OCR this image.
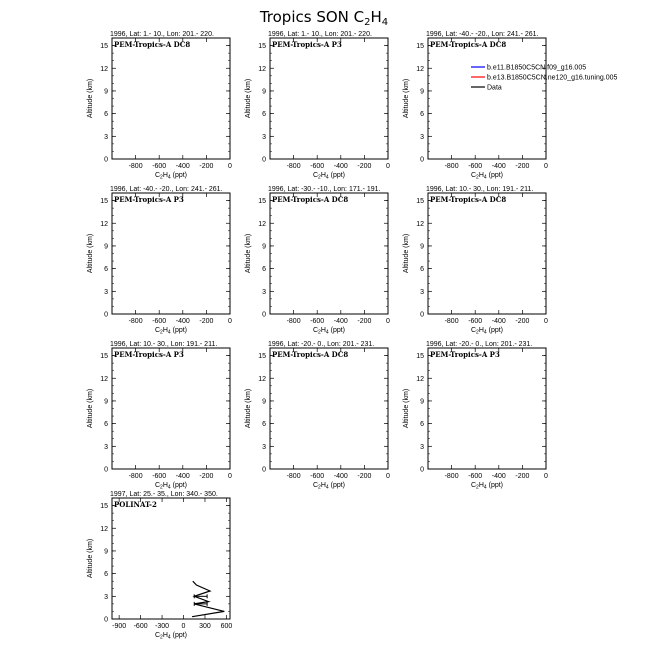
Tropics SON $C_2H_4$
1996, Lat: 1.- 10., Lon: 201.- 220.
PEM-Tropics-A DC8
0
3
6
9
12
15
-800 -600 -400 -200 0
$C_2H_4$ (ppt)
Altitude (km)
1996, Lat: 1.- 10., Lon: 201.- 220.
PEM-Tropics-A P3
0
3
6
9
12
15
-800 -600 -400 -200 0
$C_2H_4$ (ppt)
Altitude (km)
1996, Lat: -40.- -20., Lon: 241.- 261.
PEM-Tropics-A DC8
0
3
6
9
12
15
-800 -600 -400 -200 0
$C_2H_4$ (ppt)
Altitude (km)
1996, Lat: -40.- -20., Lon: 241.- 261.
PEM-Tropics-A P3
0
3
6
9
12
15
-800 -600 -400 -200 0
$C_2H_4$ (ppt)
Altitude (km)
1996, Lat: -30.- -10., Lon: 171.- 191.
PEM-Tropics-A DC8
0
3
6
9
12
15
-800 -600 -400 -200 0
$C_2H_4$ (ppt)
Altitude (km)
1996, Lat: 10.- 30., Lon: 191.- 211.
PEM-Tropics-A DC8
0
3
6
9
12
15
-800 -600 -400 -200 0
$C_2H_4$ (ppt)
Altitude (km)
1996, Lat: 10.- 30., Lon: 191.- 211.
PEM-Tropics-A P3
0
3
6
9
12
15
-800 -600 -400 -200 0
$C_2H_4$ (ppt)
Altitude (km)
1996, Lat: -20.- 0., Lon: 201.- 231.
PEM-Tropics-A DC8
0
3
6
9
12
15
-800 -600 -400 -200 0
$C_2H_4$ (ppt)
Altitude (km)
1996, Lat: -20.- 0., Lon: 201.- 231.
PEM-Tropics-A P3
0
3
6
9
12
15
-800 -600 -400 -200 0
$C_2H_4$ (ppt)
Altitude (km)
1997, Lat: 25.- 35., Lon: 340.- 350.
POLINAT-2
0
3
6
9
12
15
-900 -600 -300 0 300 600
$C_2H_4$ (ppt)
Altitude (km)
b.e11.B1850C5CN.f09_g16.005
b.e13.B1850C5CN.ne120_g16.tuning.005
Data
